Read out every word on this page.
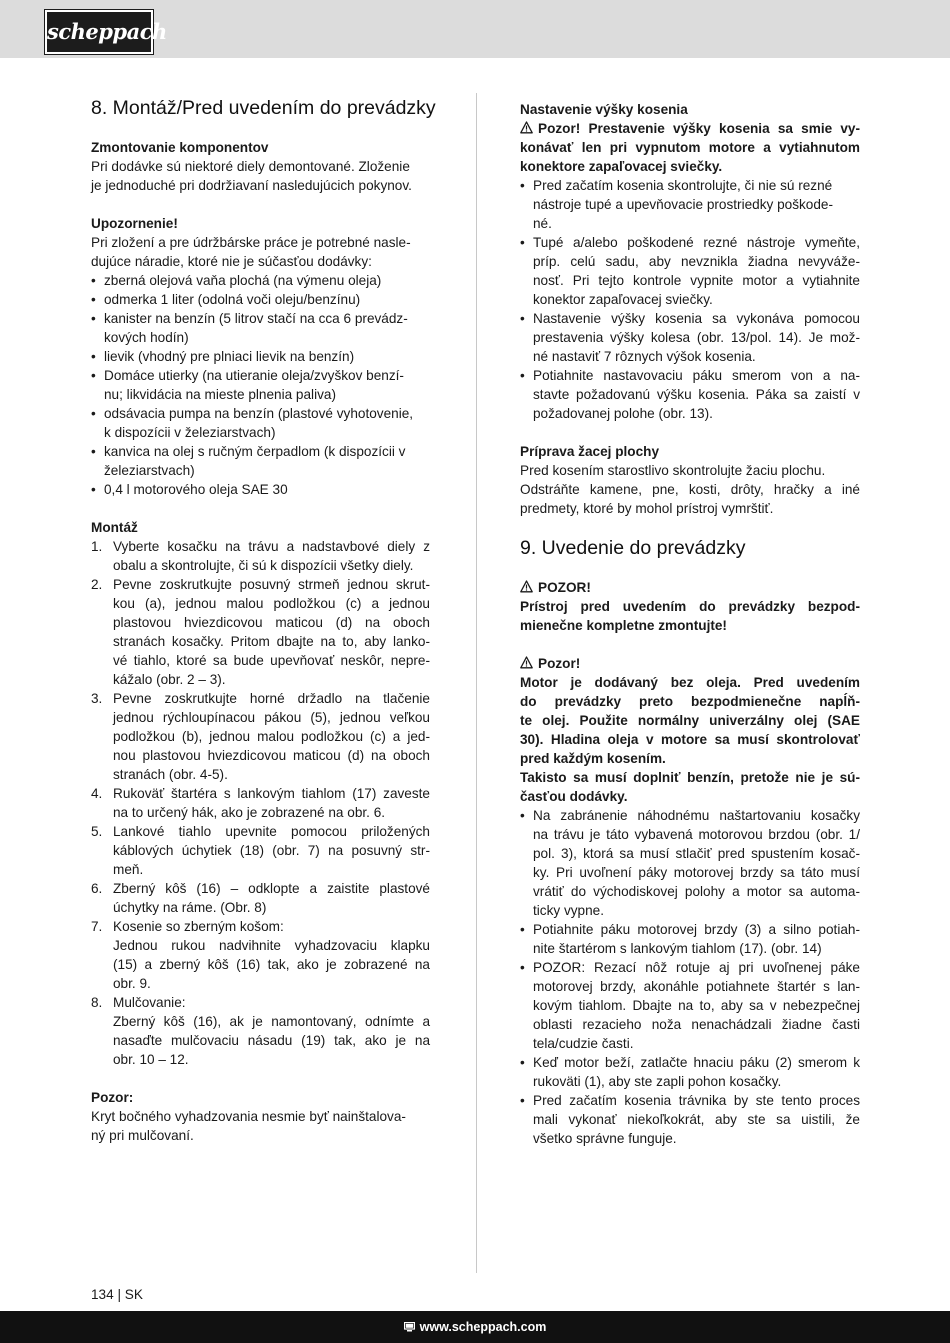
scheppach
8. Montáž/Pred uvedením do prevádzky
Zmontovanie komponentov
Pri dodávke sú niektoré diely demontované. Zloženie
je jednoduché pri dodržiavaní nasledujúcich pokynov.
Upozornenie!
Pri zložení a pre údržbárske práce je potrebné nasle-
dujúce náradie, ktoré nie je súčasťou dodávky:
• zberná olejová vaňa plochá (na výmenu oleja)
• odmerka 1 liter (odolná voči oleju/benzínu)
• kanister na benzín (5 litrov stačí na cca 6 prevádz-
kových hodín)
• lievik (vhodný pre plniaci lievik na benzín)
• Domáce utierky (na utieranie oleja/zvyškov benzí-
nu; likvidácia na mieste plnenia paliva)
• odsávacia pumpa na benzín (plastové vyhotovenie,
k dispozícii v železiarstvach)
• kanvica na olej s ručným čerpadlom (k dispozícii v
železiarstvach)
• 0,4 l motorového oleja SAE 30
Montáž
1. Vyberte kosačku na trávu a nadstavbové diely z
obalu a skontrolujte, či sú k dispozícii všetky diely.
2. Pevne zoskrutkujte posuvný strmeň jednou skrut-
kou (a), jednou malou podložkou (c) a jednou
plastovou hviezdicovou maticou (d) na oboch
stranách kosačky. Pritom dbajte na to, aby lanko-
vé tiahlo, ktoré sa bude upevňovať neskôr, nepre-
kážalo (obr. 2 – 3).
3. Pevne zoskrutkujte horné držadlo na tlačenie
jednou rýchloupínacou pákou (5), jednou veľkou
podložkou (b), jednou malou podložkou (c) a jed-
nou plastovou hviezdicovou maticou (d) na oboch
stranách (obr. 4-5).
4. Rukoväť štartéra s lankovým tiahlom (17) zaveste
na to určený hák, ako je zobrazené na obr. 6.
5. Lankové tiahlo upevnite pomocou priložených
káblových úchytiek (18) (obr. 7) na posuvný str-
meň.
6. Zberný kôš (16) – odklopte a zaistite plastové
úchytky na ráme. (Obr. 8)
7. Kosenie so zberným košom:
Jednou rukou nadvihnite vyhadzovaciu klapku
(15) a zberný kôš (16) tak, ako je zobrazené na
obr. 9.
8. Mulčovanie:
Zberný kôš (16), ak je namontovaný, odnímte a
nasaďte mulčovaciu násadu (19) tak, ako je na
obr. 10 – 12.
Pozor:
Kryt bočného vyhadzovania nesmie byť nainštalova-
ný pri mulčovaní.
Nastavenie výšky kosenia
Pozor! Prestavenie výšky kosenia sa smie vy-
konávať len pri vypnutom motore a vytiahnutom
konektore zapaľovacej sviečky.
• Pred začatím kosenia skontrolujte, či nie sú rezné
nástroje tupé a upevňovacie prostriedky poškode-
né.
• Tupé a/alebo poškodené rezné nástroje vymeňte,
príp. celú sadu, aby nevznikla žiadna nevyváže-
nosť. Pri tejto kontrole vypnite motor a vytiahnite
konektor zapaľovacej sviečky.
• Nastavenie výšky kosenia sa vykonáva pomocou
prestavenia výšky kolesa (obr. 13/pol. 14). Je mož-
né nastaviť 7 rôznych výšok kosenia.
• Potiahnite nastavovaciu páku smerom von a na-
stavte požadovanú výšku kosenia. Páka sa zaistí v
požadovanej polohe (obr. 13).
Príprava žacej plochy
Pred kosením starostlivo skontrolujte žaciu plochu.
Odstráňte kamene, pne, kosti, drôty, hračky a iné
predmety, ktoré by mohol prístroj vymrštiť.
9. Uvedenie do prevádzky
POZOR!
Prístroj pred uvedením do prevádzky bezpod-
mienečne kompletne zmontujte!
Pozor!
Motor je dodávaný bez oleja. Pred uvedením
do prevádzky preto bezpodmienečne napĺň-
te olej. Použite normálny univerzálny olej (SAE
30). Hladina oleja v motore sa musí skontrolovať
pred každým kosením.
Takisto sa musí doplniť benzín, pretože nie je sú-
časťou dodávky.
• Na zabránenie náhodnému naštartovaniu kosačky
na trávu je táto vybavená motorovou brzdou (obr. 1/
pol. 3), ktorá sa musí stlačiť pred spustením kosač-
ky. Pri uvoľnení páky motorovej brzdy sa táto musí
vrátiť do východiskovej polohy a motor sa automa-
ticky vypne.
• Potiahnite páku motorovej brzdy (3) a silno potiah-
nite štartérom s lankovým tiahlom (17). (obr. 14)
• POZOR: Rezací nôž rotuje aj pri uvoľnenej páke
motorovej brzdy, akonáhle potiahnete štartér s lan-
kovým tiahlom. Dbajte na to, aby sa v nebezpečnej
oblasti rezacieho noža nenachádzali žiadne časti
tela/cudzie časti.
• Keď motor beží, zatlačte hnaciu páku (2) smerom k
rukoväti (1), aby ste zapli pohon kosačky.
• Pred začatím kosenia trávnika by ste tento proces
mali vykonať niekoľkokrát, aby ste sa uistili, že
všetko správne funguje.
134 | SK
www.scheppach.com
